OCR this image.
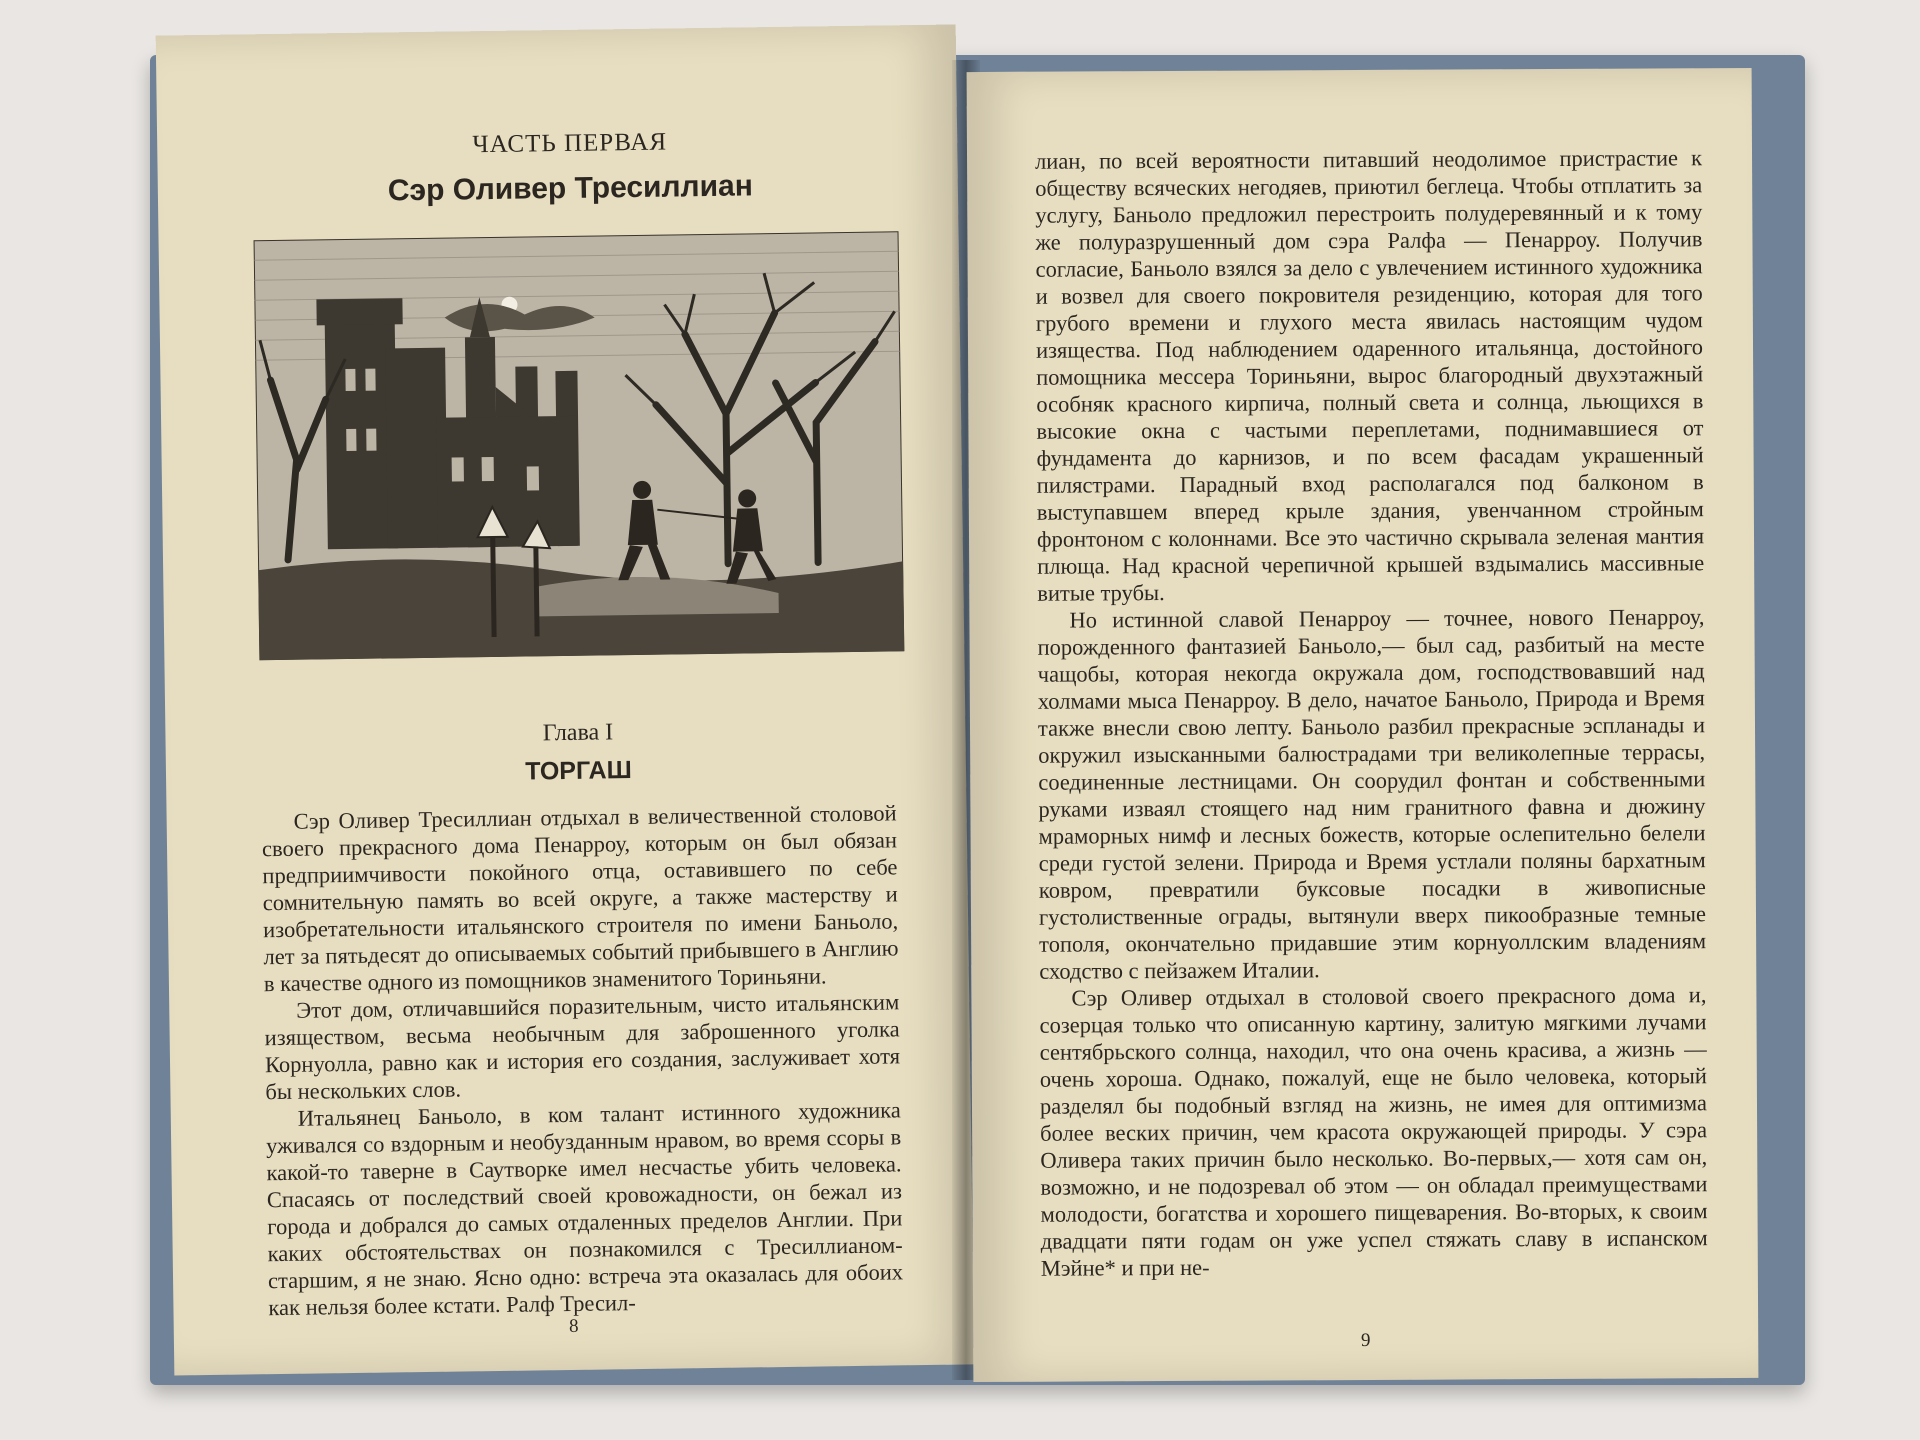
ЧАСТЬ ПЕРВАЯ
Сэр Оливер Тресиллиан
Глава I
ТОРГАШ

Сэр Оливер Тресиллиан отдыхал в величественной столовой своего прекрасного дома Пенарроу, которым он был обязан предприимчивости покойного отца, оставившего по себе сомнительную память во всей округе, а также мастерству и изобретательности итальянского строителя по имени Баньоло, лет за пятьдесят до описываемых событий прибывшего в Англию в качестве одного из помощников знаменитого Ториньяни.

Этот дом, отличавшийся поразительным, чисто итальянским изяществом, весьма необычным для заброшенного уголка Корнуолла, равно как и история его создания, заслуживает хотя бы нескольких слов.

Итальянец Баньоло, в ком талант истинного художника уживался со вздорным и необузданным нравом, во время ссоры в какой-то таверне в Саутворке имел несчастье убить человека. Спасаясь от последствий своей кровожадности, он бежал из города и добрался до самых отдаленных пределов Англии. При каких обстоятельствах он познакомился с Тресиллианом-старшим, я не знаю. Ясно одно: встреча эта оказалась для обоих как нельзя более кстати. Ралф Тресил-

8

лиан, по всей вероятности питавший неодолимое пристрастие к обществу всяческих негодяев, приютил беглеца. Чтобы отплатить за услугу, Баньоло предложил перестроить полудеревянный и к тому же полуразрушенный дом сэра Ралфа — Пенарроу. Получив согласие, Баньоло взялся за дело с увлечением истинного художника и возвел для своего покровителя резиденцию, которая для того грубого времени и глухого места явилась настоящим чудом изящества. Под наблюдением одаренного итальянца, достойного помощника мессера Ториньяни, вырос благородный двухэтажный особняк красного кирпича, полный света и солнца, льющихся в высокие окна с частыми переплетами, поднимавшиеся от фундамента до карнизов, и по всем фасадам украшенный пилястрами. Парадный вход располагался под балконом в выступавшем вперед крыле здания, увенчанном стройным фронтоном с колоннами. Все это частично скрывала зеленая мантия плюща. Над красной черепичной крышей вздымались массивные витые трубы.

Но истинной славой Пенарроу — точнее, нового Пенарроу, порожденного фантазией Баньоло,— был сад, разбитый на месте чащобы, которая некогда окружала дом, господствовавший над холмами мыса Пенарроу. В дело, начатое Баньоло, Природа и Время также внесли свою лепту. Баньоло разбил прекрасные эспланады и окружил изысканными балюстрадами три великолепные террасы, соединенные лестницами. Он соорудил фонтан и собственными руками изваял стоящего над ним гранитного фавна и дюжину мраморных нимф и лесных божеств, которые ослепительно белели среди густой зелени. Природа и Время устлали поляны бархатным ковром, превратили буксовые посадки в живописные густолиственные ограды, вытянули вверх пикообразные темные тополя, окончательно придавшие этим корнуоллским владениям сходство с пейзажем Италии.

Сэр Оливер отдыхал в столовой своего прекрасного дома и, созерцая только что описанную картину, залитую мягкими лучами сентябрьского солнца, находил, что она очень красива, а жизнь — очень хороша. Однако, пожалуй, еще не было человека, который разделял бы подобный взгляд на жизнь, не имея для оптимизма более веских причин, чем красота окружающей природы. У сэра Оливера таких причин было несколько. Во-первых,— хотя сам он, возможно, и не подозревал об этом — он обладал преимуществами молодости, богатства и хорошего пищеварения. Во-вторых, к своим двадцати пяти годам он уже успел стяжать славу в испанском Мэйне* и при не-

9
